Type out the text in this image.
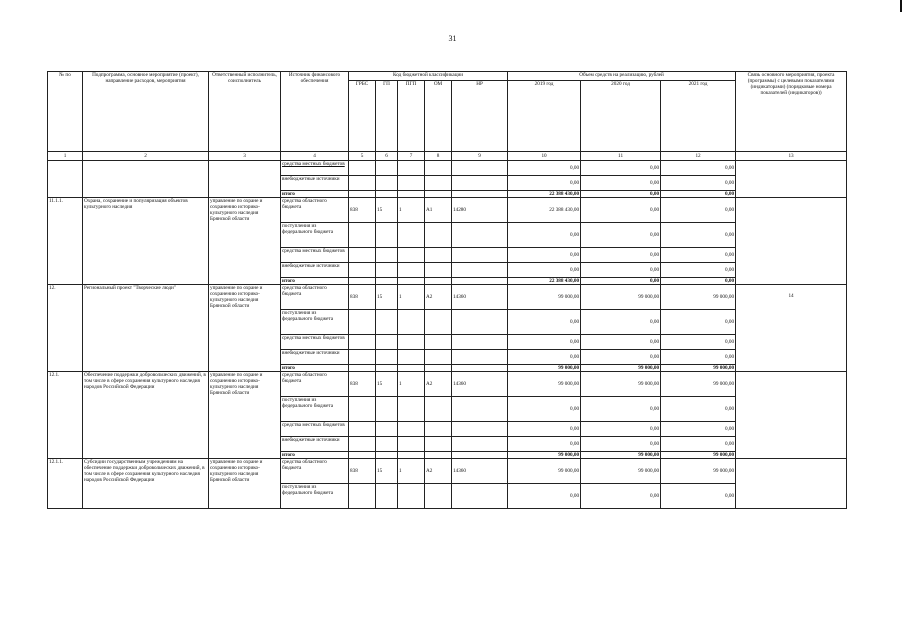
31
№ по	Подпрограмма, основное мероприятие (проект), направление расходов, мероприятия	Ответственный исполнитель, соисполнитель	Источник финансового обеспечения	Код бюджетной классификации					Объем средств на реализацию, рублей			Связь основного мероприятия, проекта (программы) с целевыми показателями (индикаторами) (порядковые номера показателей (индикаторов))
				ГРБС	ГП	ПГП	ОМ	НР	2019 год	2020 год	2021 год	
1	2	3	4	5	6	7	8	9	10	11	12	13
			средства местных бюджетов						0,00	0,00	0,00	
			внебюджетные источники						0,00	0,00	0,00	
			итого						22 388 430,00	0,00	0,00	
11.1.1.	Охрана, сохранение и популяризация объектов культурного наследия	управление по охране и сохранению историко-культурного наследия Брянской области	средства областного бюджета	838	15	1	A1	14280	22 388 430,00	0,00	0,00	
			поступления из федерального бюджета						0,00	0,00	0,00	
			средства местных бюджетов						0,00	0,00	0,00	
			внебюджетные источники						0,00	0,00	0,00	
			итого						22 388 430,00	0,00	0,00	
12.	Региональный проект "Творческие люди"	управление по охране и сохранению историко-культурного наследия Брянской области	средства областного бюджета	838	15	1	A2	14360	99 000,00	99 000,00	99 000,00	14
			поступления из федерального бюджета						0,00	0,00	0,00	
			средства местных бюджетов						0,00	0,00	0,00	
			внебюджетные источники						0,00	0,00	0,00	
			итого						99 000,00	99 000,00	99 000,00	
12.1.	Обеспечение поддержки добровольческих движений, в том числе в сфере сохранения культурного наследия народов Российской Федерации	управление по охране и сохранению историко-культурного наследия Брянской области	средства областного бюджета	838	15	1	A2	14360	99 000,00	99 000,00	99 000,00	
			поступления из федерального бюджета						0,00	0,00	0,00	
			средства местных бюджетов						0,00	0,00	0,00	
			внебюджетные источники						0,00	0,00	0,00	
			итого						99 000,00	99 000,00	99 000,00	
12.1.1.	Субсидии государственным учреждениям на обеспечение поддержки добровольческих движений, в том числе в сфере сохранения культурного наследия народов Российской Федерации	управление по охране и сохранению историко-культурного наследия Брянской области	средства областного бюджета	838	15	1	A2	14360	99 000,00	99 000,00	99 000,00	
			поступления из федерального бюджета						0,00	0,00	0,00	
